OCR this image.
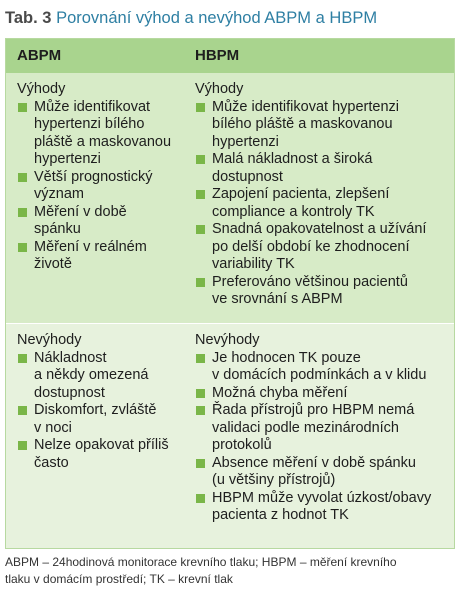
Tab. 3 Porovnání výhod a nevýhod ABPM a HBPM
ABPM	HBPM
Výhody
Může identifikovat
hypertenzi bílého
pláště a maskovanou
hypertenzi
Větší prognostický
význam
Měření v době
spánku
Měření v reálném
životě
Výhody
Může identifikovat hypertenzi
bílého pláště a maskovanou
hypertenzi
Malá nákladnost a široká
dostupnost
Zapojení pacienta, zlepšení
compliance a kontroly TK
Snadná opakovatelnost a užívání
po delší období ke zhodnocení
variability TK
Preferováno většinou pacientů
ve srovnání s ABPM
Nevýhody
Nákladnost
a někdy omezená
dostupnost
Diskomfort, zvláště
v noci
Nelze opakovat příliš
často
Nevýhody
Je hodnocen TK pouze
v domácích podmínkách a v klidu
Možná chyba měření
Řada přístrojů pro HBPM nemá
validaci podle mezinárodních
protokolů
Absence měření v době spánku
(u většiny přístrojů)
HBPM může vyvolat úzkost/obavy
pacienta z hodnot TK
ABPM – 24hodinová monitorace krevního tlaku; HBPM – měření krevního
tlaku v domácím prostředí; TK – krevní tlak
